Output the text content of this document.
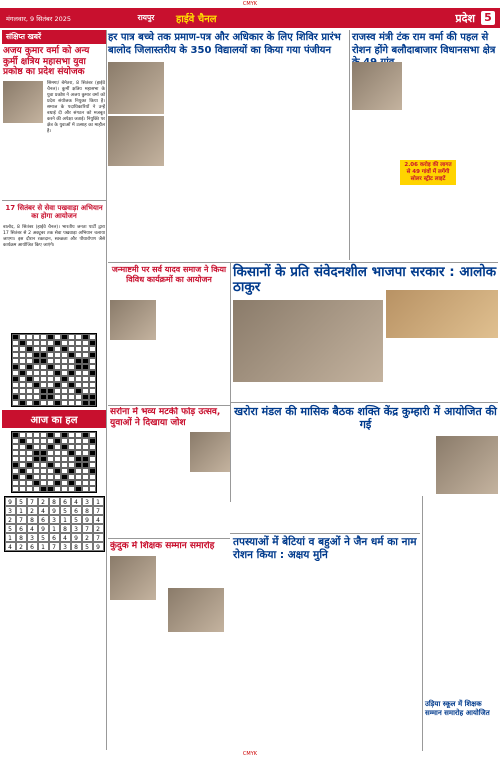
CMYK
मंगलवार, 9 सितंबर 2025	रायपुर	हाईवे चैनल	प्रदेश 5
संक्षिप्त खबरें
अजय कुमार वर्मा को अन्य कुर्मी क्षत्रिय महासभा युवा प्रकोष्ठ का प्रदेश संयोजक
सिमगा/ बेमेतरा, 8 सितंबर (हाईवे चैनल)। कुर्मी क्षत्रिय महासभा के युवा प्रकोष्ठ ने अजय कुमार वर्मा को प्रदेश संयोजक नियुक्त किया है। समाज के पदाधिकारियों ने उन्हें बधाई दी और संगठन को मजबूत करने की अपेक्षा जताई। नियुक्ति पर क्षेत्र के युवाओं में उत्साह का माहौल है।
17 सितंबर से सेवा पखवाड़ा अभियान का होगा आयोजन
बालोद, 8 सितंबर (हाईवे चैनल)। भारतीय जनता पार्टी द्वारा 17 सितंबर से 2 अक्टूबर तक सेवा पखवाड़ा अभियान चलाया जाएगा। इस दौरान रक्तदान, स्वच्छता और पौधारोपण जैसे कार्यक्रम आयोजित किए जाएंगे।
आज का हल
9	5	7	2	8	6	4	3	1
3	1	2	4	9	5	6	8	7
2	7	8	6	3	1	5	9	4
5	6	4	9	1	8	3	7	2
1	8	3	5	6	4	9	2	7
4	2	6	1	7	3	8	5	9
हर पात्र बच्चे तक प्रमाण-पत्र और अधिकार के लिए शिविर प्रारंभ बालोद जिलास्तरीय के 350 विद्यालयों का किया गया पंजीयन
राजस्व मंत्री टंक राम वर्मा की पहल से रोशन होंगे बलौदाबाजार विधानसभा क्षेत्र
2.06 करोड़ की लागत से 49 गांवों में लगेंगी सोलर स्ट्रीट लाइटें
जन्माष्टमी पर सर्व यादव समाज ने किया विविध कार्यक्रमों का आयोजन	किसानों के प्रति संवेदनशील भाजपा सरकार : आलोक ठाकुर
सरोना में भव्य मटकी फोड़ उत्सव, युवाओं ने दिखाया जोश
खरोरा मंडल की मासिक बैठक शक्ति केंद्र कुम्हारी में आयोजित की गई
कुंदुक में शिक्षक सम्मान समारोह	तपस्याओं में बेटियां व बहुओं ने जैन धर्म का नाम रोशन किया : अक्षय मुनि
उड़िया स्कूल में शिक्षक सम्मान समारोह आयोजित
CMYK
